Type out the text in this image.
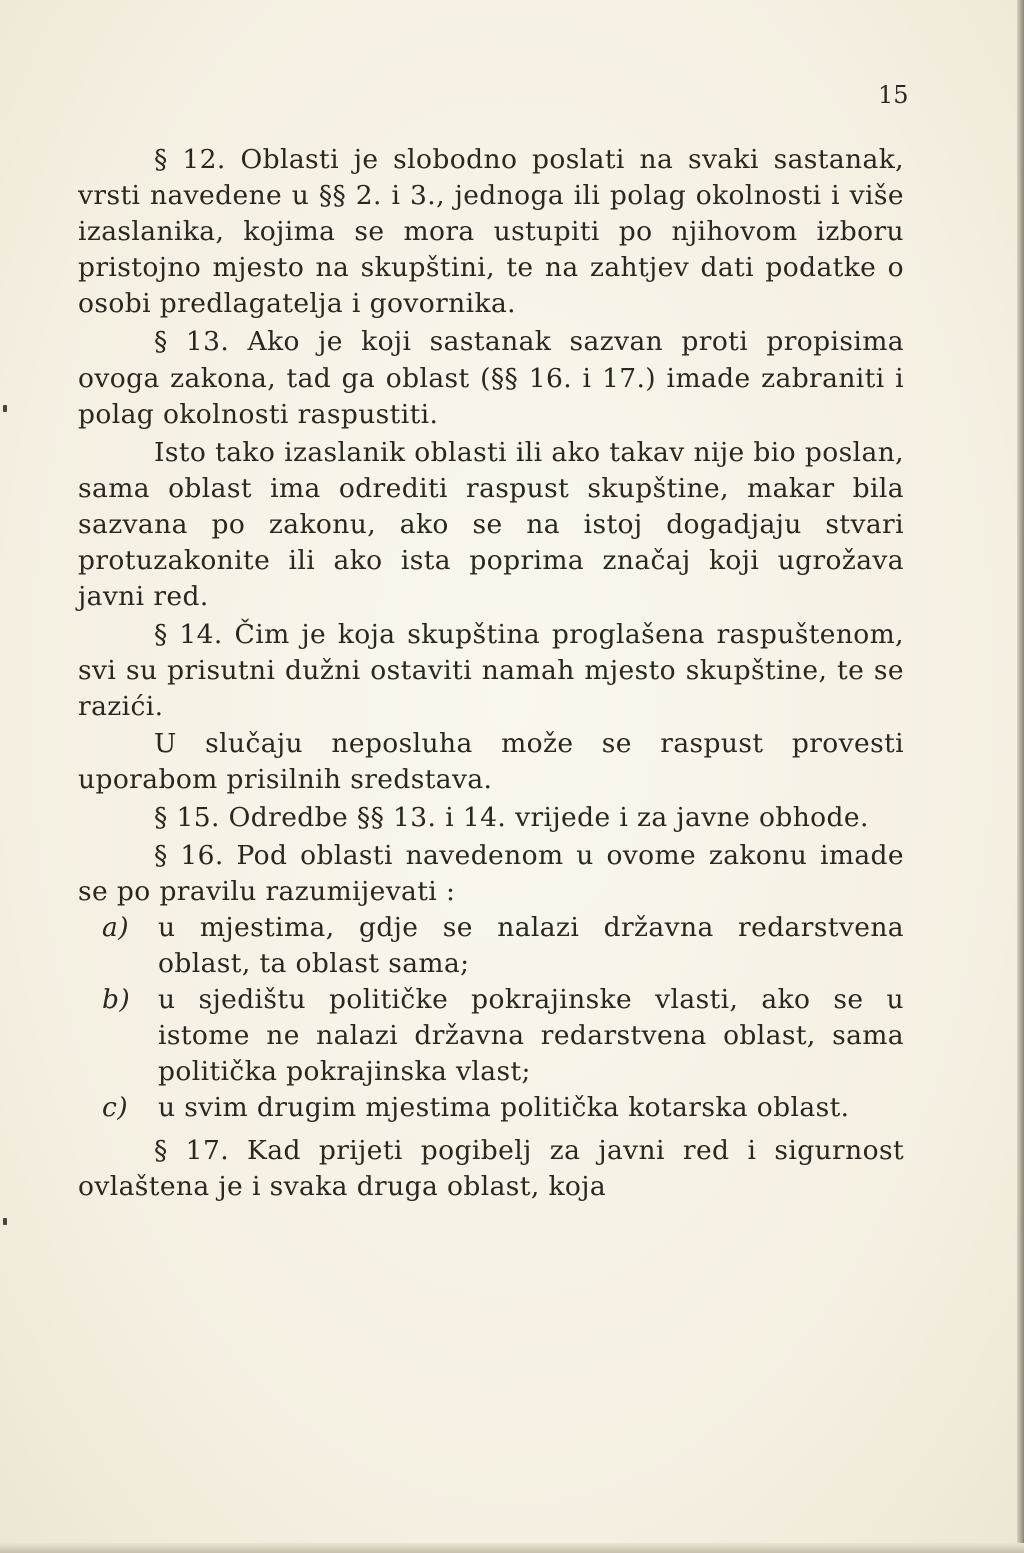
15

§ 12. Oblasti je slobodno poslati na svaki sastanak, vrsti navedene u §§ 2. i 3., jednoga ili polag okolnosti i više izaslanika, kojima se mora ustupiti po njihovom izboru pristojno mjesto na skupštini, te na zahtjev dati podatke o osobi predlagatelja i govornika.

§ 13. Ako je koji sastanak sazvan proti propisima ovoga zakona, tad ga oblast (§§ 16. i 17.) imade zabraniti i polag okolnosti raspustiti.

Isto tako izaslanik oblasti ili ako takav nije bio poslan, sama oblast ima odrediti raspust skupštine, makar bila sazvana po zakonu, ako se na istoj dogadjaju stvari protuzakonite ili ako ista poprima značaj koji ugrožava javni red.

§ 14. Čim je koja skupština proglašena raspuštenom, svi su prisutni dužni ostaviti namah mjesto skupštine, te se razići.

U slučaju neposluha može se raspust provesti uporabom prisilnih sredstava.

§ 15. Odredbe §§ 13. i 14. vrijede i za javne obhode.

§ 16. Pod oblasti navedenom u ovome zakonu imade se po pravilu razumijevati :

a)	u mjestima, gdje se nalazi državna redarstvena oblast, ta oblast sama;
b)	u sjedištu političke pokrajinske vlasti, ako se u istome ne nalazi državna redarstvena oblast, sama politička pokrajinska vlast;
c)	u svim drugim mjestima politička kotarska oblast.

§ 17. Kad prijeti pogibelj za javni red i sigurnost ovlaštena je i svaka druga oblast, koja
